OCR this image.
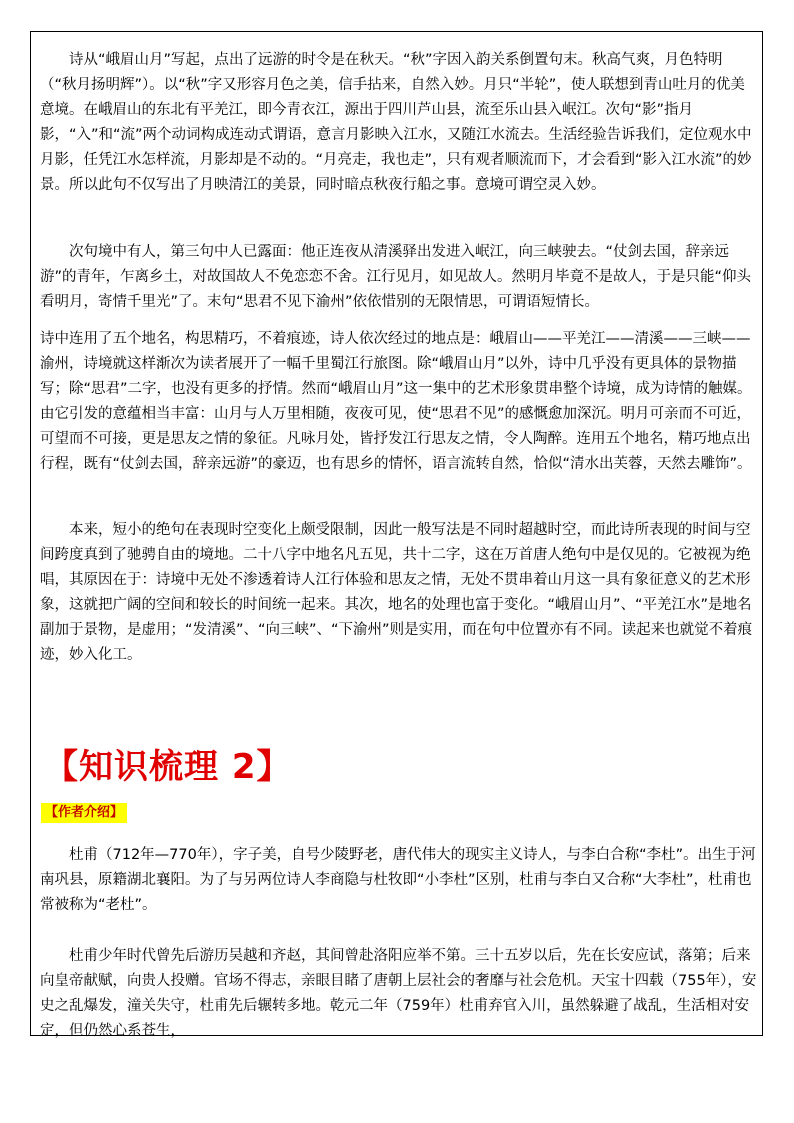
诗从“峨眉山月”写起，点出了远游的时令是在秋天。“秋”字因入韵关系倒置句末。秋高气爽，月色特明（“秋月扬明辉”）。以“秋”字又形容月色之美，信手拈来，自然入妙。月只“半轮”，使人联想到青山吐月的优美意境。在峨眉山的东北有平羌江，即今青衣江，源出于四川芦山县，流至乐山县入岷江。次句“影”指月影，“入”和“流”两个动词构成连动式谓语，意言月影映入江水，又随江水流去。生活经验告诉我们，定位观水中月影，任凭江水怎样流，月影却是不动的。“月亮走，我也走”，只有观者顺流而下，才会看到“影入江水流”的妙景。所以此句不仅写出了月映清江的美景，同时暗点秋夜行船之事。意境可谓空灵入妙。

次句境中有人，第三句中人已露面：他正连夜从清溪驿出发进入岷江，向三峡驶去。“仗剑去国，辞亲远游”的青年，乍离乡土，对故国故人不免恋恋不舍。江行见月，如见故人。然明月毕竟不是故人，于是只能“仰头看明月，寄情千里光”了。末句“思君不见下渝州”依依惜别的无限情思，可谓语短情长。

诗中连用了五个地名，构思精巧，不着痕迹，诗人依次经过的地点是：峨眉山——平羌江——清溪——三峡——渝州，诗境就这样渐次为读者展开了一幅千里蜀江行旅图。除“峨眉山月”以外，诗中几乎没有更具体的景物描写；除“思君”二字，也没有更多的抒情。然而“峨眉山月”这一集中的艺术形象贯串整个诗境，成为诗情的触媒。由它引发的意蕴相当丰富：山月与人万里相随，夜夜可见，使“思君不见”的感慨愈加深沉。明月可亲而不可近，可望而不可接，更是思友之情的象征。凡咏月处，皆抒发江行思友之情，令人陶醉。连用五个地名，精巧地点出行程，既有“仗剑去国，辞亲远游”的豪迈，也有思乡的情怀，语言流转自然，恰似“清水出芙蓉，天然去雕饰”。

本来，短小的绝句在表现时空变化上颇受限制，因此一般写法是不同时超越时空，而此诗所表现的时间与空间跨度真到了驰骋自由的境地。二十八字中地名凡五见，共十二字，这在万首唐人绝句中是仅见的。它被视为绝唱，其原因在于：诗境中无处不渗透着诗人江行体验和思友之情，无处不贯串着山月这一具有象征意义的艺术形象，这就把广阔的空间和较长的时间统一起来。其次，地名的处理也富于变化。“峨眉山月”、“平羌江水”是地名副加于景物，是虚用；“发清溪”、“向三峡”、“下渝州”则是实用，而在句中位置亦有不同。读起来也就觉不着痕迹，妙入化工。

【知识梳理 2】
【作者介绍】

杜甫（712年—770年），字子美，自号少陵野老，唐代伟大的现实主义诗人，与李白合称“李杜”。出生于河南巩县，原籍湖北襄阳。为了与另两位诗人李商隐与杜牧即“小李杜”区别，杜甫与李白又合称“大李杜”，杜甫也常被称为“老杜”。

杜甫少年时代曾先后游历吴越和齐赵，其间曾赴洛阳应举不第。三十五岁以后，先在长安应试，落第；后来向皇帝献赋，向贵人投赠。官场不得志，亲眼目睹了唐朝上层社会的奢靡与社会危机。天宝十四载（755年），安史之乱爆发，潼关失守，杜甫先后辗转多地。乾元二年（759年）杜甫弃官入川，虽然躲避了战乱，生活相对安定，但仍然心系苍生，
